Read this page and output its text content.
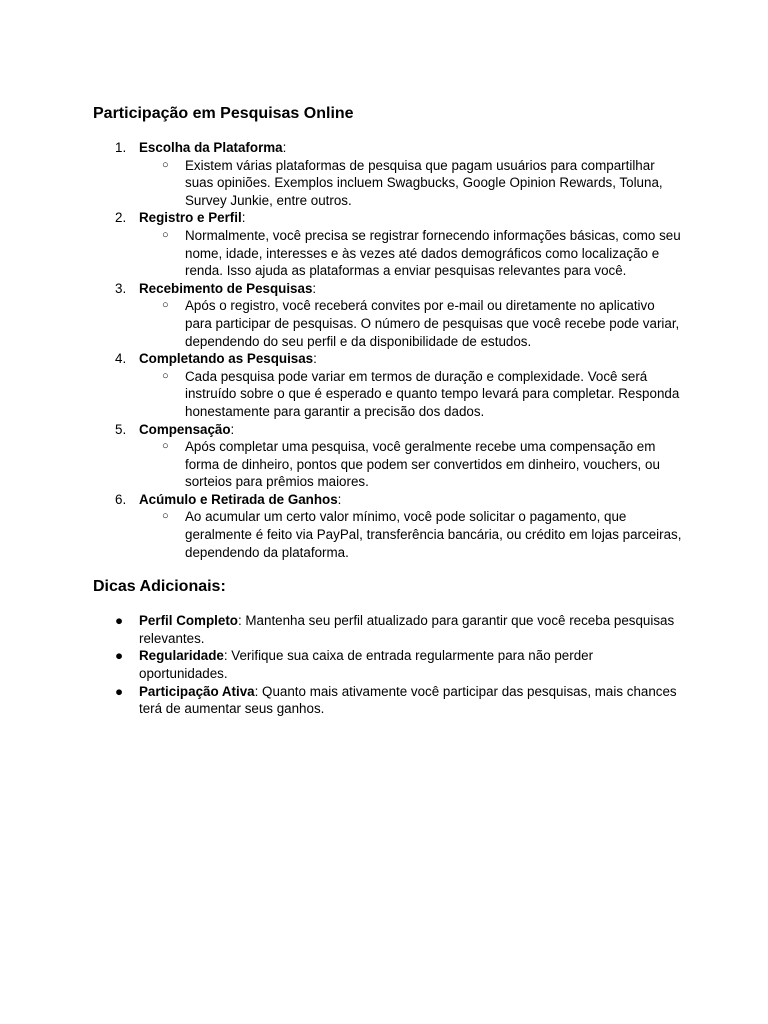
Participação em Pesquisas Online
1. Escolha da Plataforma:
○ Existem várias plataformas de pesquisa que pagam usuários para compartilhar suas opiniões. Exemplos incluem Swagbucks, Google Opinion Rewards, Toluna, Survey Junkie, entre outros.
2. Registro e Perfil:
○ Normalmente, você precisa se registrar fornecendo informações básicas, como seu nome, idade, interesses e às vezes até dados demográficos como localização e renda. Isso ajuda as plataformas a enviar pesquisas relevantes para você.
3. Recebimento de Pesquisas:
○ Após o registro, você receberá convites por e-mail ou diretamente no aplicativo para participar de pesquisas. O número de pesquisas que você recebe pode variar, dependendo do seu perfil e da disponibilidade de estudos.
4. Completando as Pesquisas:
○ Cada pesquisa pode variar em termos de duração e complexidade. Você será instruído sobre o que é esperado e quanto tempo levará para completar. Responda honestamente para garantir a precisão dos dados.
5. Compensação:
○ Após completar uma pesquisa, você geralmente recebe uma compensação em forma de dinheiro, pontos que podem ser convertidos em dinheiro, vouchers, ou sorteios para prêmios maiores.
6. Acúmulo e Retirada de Ganhos:
○ Ao acumular um certo valor mínimo, você pode solicitar o pagamento, que geralmente é feito via PayPal, transferência bancária, ou crédito em lojas parceiras, dependendo da plataforma.
Dicas Adicionais:
● Perfil Completo: Mantenha seu perfil atualizado para garantir que você receba pesquisas relevantes.
● Regularidade: Verifique sua caixa de entrada regularmente para não perder oportunidades.
● Participação Ativa: Quanto mais ativamente você participar das pesquisas, mais chances terá de aumentar seus ganhos.
